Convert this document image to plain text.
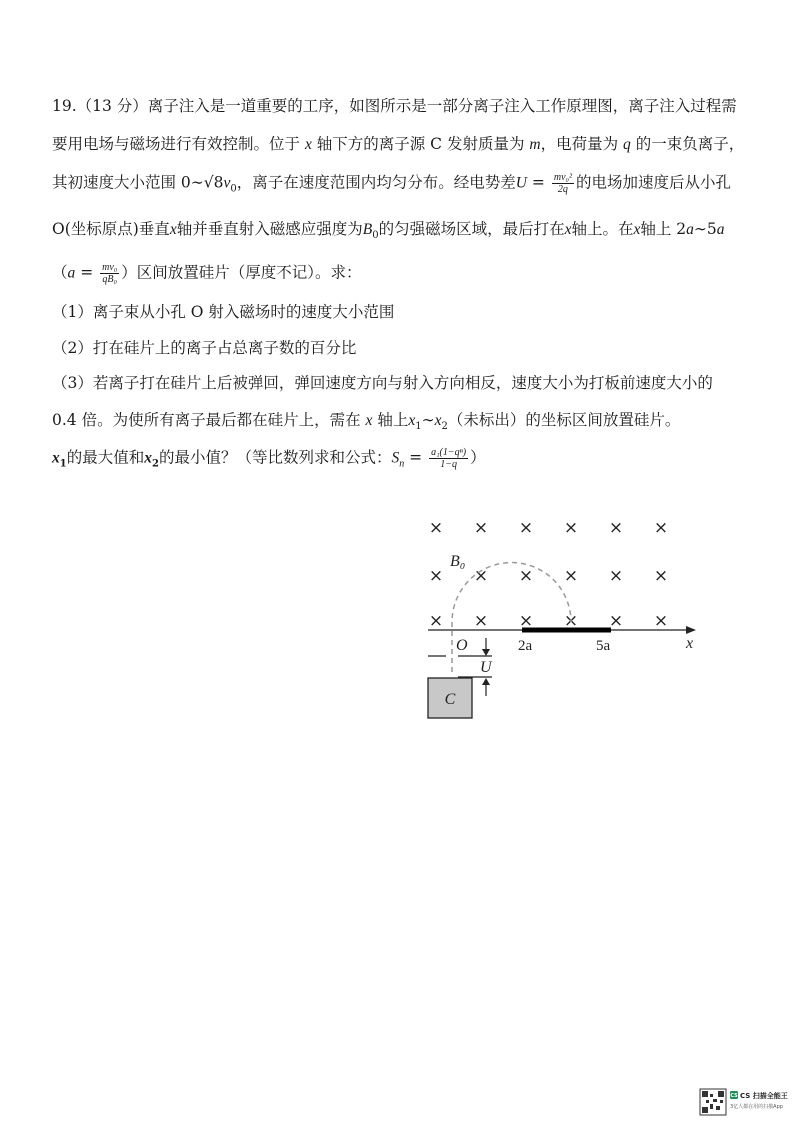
19.（13 分）离子注入是一道重要的工序，如图所示是一部分离子注入工作原理图，离子注入过程需
要用电场与磁场进行有效控制。位于 x 轴下方的离子源 C 发射质量为 m，电荷量为 q 的一束负离子，
其初速度大小范围 $0\sim√8v_0$，离子在速度范围内均匀分布。经电势差$U = \frac{\text{mv₀²}}{2q}$ 的电场加速度后从小孔
O(坐标原点)垂直x轴并垂直射入磁感应强度为$B_0$的匀强磁场区域，最后打在x轴上。在x轴上 2a∼5a
（$a = \frac{\text{mv₀}}{\text{qB₀}}$ ）区间放置硅片（厚度不记）。求：
（1）离子束从小孔 O 射入磁场时的速度大小范围
（2）打在硅片上的离子占总离子数的百分比
（3）若离子打在硅片上后被弹回，弹回速度方向与射入方向相反，速度大小为打板前速度大小的
0.4 倍。为使所有离子最后都在硅片上，需在 x 轴上$x_1\sim x_2$（未标出）的坐标区间放置硅片。
$x_1$的最大值和$x_2$的最小值？（等比数列求和公式：$S_n = \frac{\text{a₁(1−qⁿ)}}{1-q}$ ）
× × × × × ×
× × × × × ×
× × × × × ×
B₀
O	2a	5a	x
U
C
CS CS 扫描全能王
3亿人都在用的扫描App
